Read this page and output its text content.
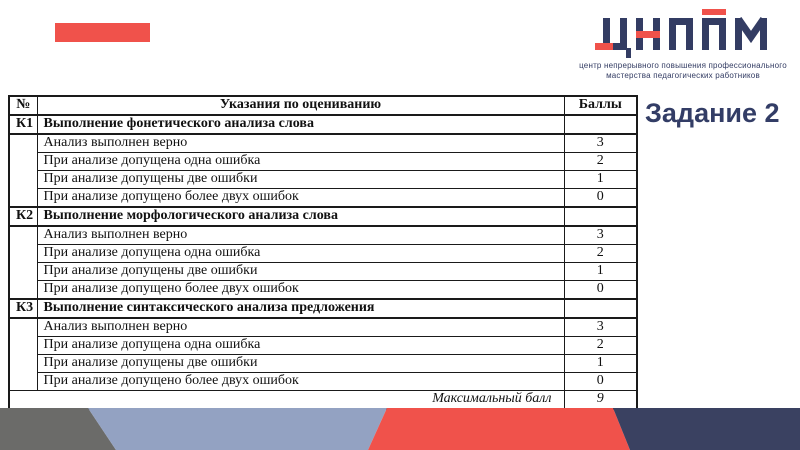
центр непрерывного повышения профессионального
мастерства педагогических работников
Задание 2
№	Указания по оцениванию	Баллы
К1	Выполнение фонетического анализа слова	
	Анализ выполнен верно	3
	При анализе допущена одна ошибка	2
	При анализе допущены две ошибки	1
	При анализе допущено более двух ошибок	0
К2	Выполнение морфологического анализа слова	
	Анализ выполнен верно	3
	При анализе допущена одна ошибка	2
	При анализе допущены две ошибки	1
	При анализе допущено более двух ошибок	0
К3	Выполнение синтаксического анализа предложения	
	Анализ выполнен верно	3
	При анализе допущена одна ошибка	2
	При анализе допущены две ошибки	1
	При анализе допущено более двух ошибок	0
Максимальный балл		9
